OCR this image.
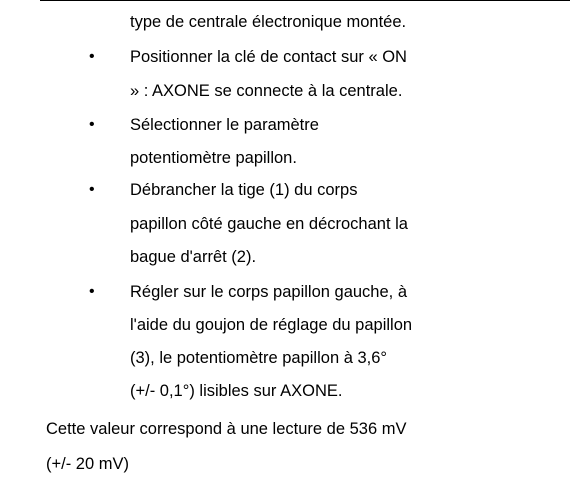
type de centrale électronique montée.
• Positionner la clé de contact sur « ON
» : AXONE se connecte à la centrale.
• Sélectionner le paramètre
potentiomètre papillon.
• Débrancher la tige (1) du corps
papillon côté gauche en décrochant la
bague d'arrêt (2).
• Régler sur le corps papillon gauche, à
l'aide du goujon de réglage du papillon
(3), le potentiomètre papillon à 3,6°
(+/- 0,1°) lisibles sur AXONE.
Cette valeur correspond à une lecture de 536 mV
(+/- 20 mV)
